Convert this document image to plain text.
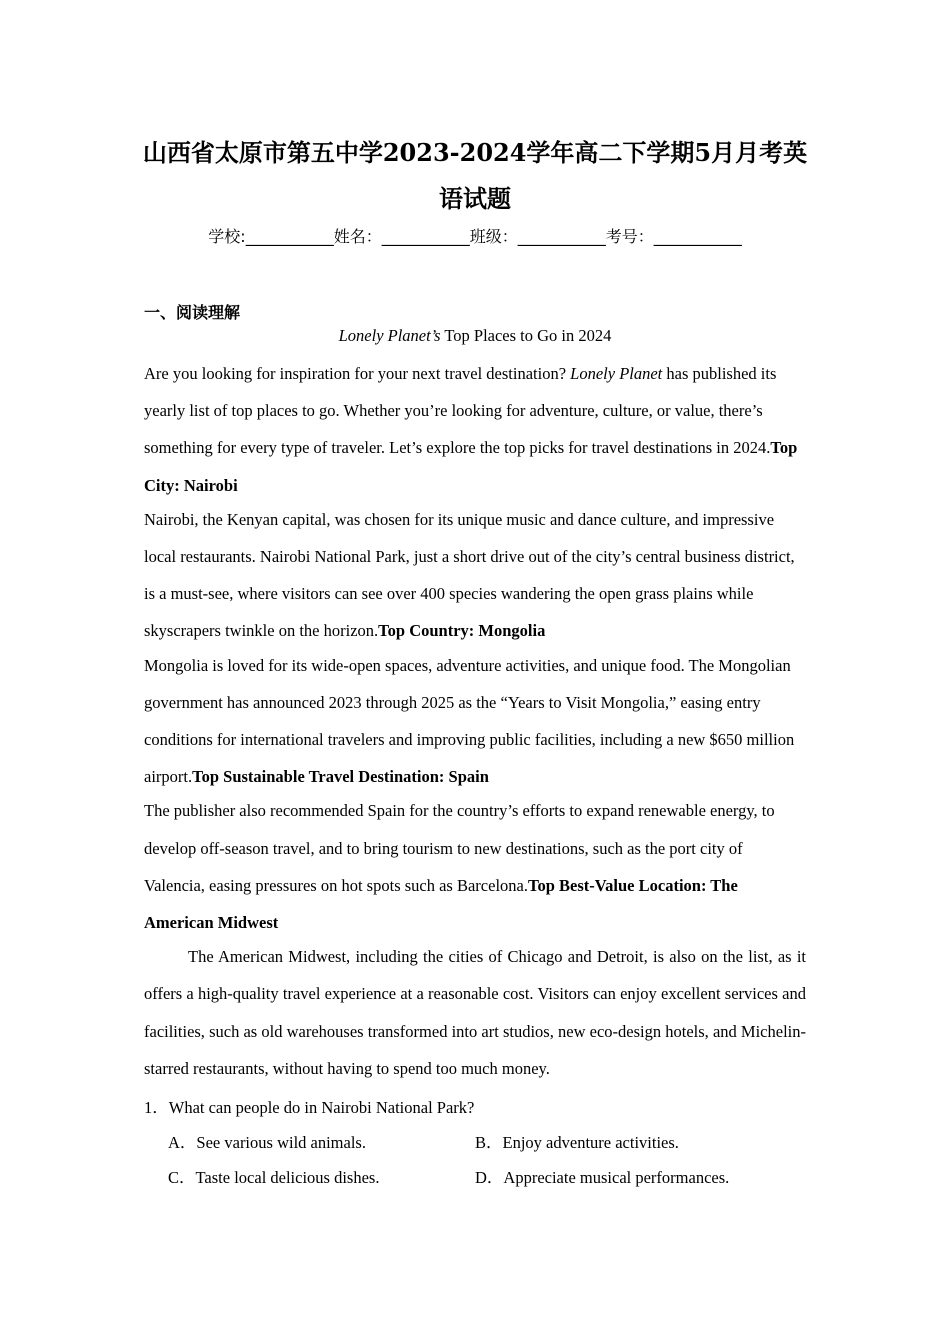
山西省太原市第五中学2023-2024学年高二下学期5月月考英
语试题
学校:___________姓名：___________班级：___________考号：___________
一、阅读理解
Lonely Planet’s Top Places to Go in 2024

Are you looking for inspiration for your next travel destination? Lonely Planet has published its yearly list of top places to go. Whether you’re looking for adventure, culture, or value, there’s something for every type of traveler. Let’s explore the top picks for travel destinations in 2024.Top City: Nairobi

Nairobi, the Kenyan capital, was chosen for its unique music and dance culture, and impressive local restaurants. Nairobi National Park, just a short drive out of the city’s central business district, is a must-see, where visitors can see over 400 species wandering the open grass plains while skyscrapers twinkle on the horizon.Top Country: Mongolia

Mongolia is loved for its wide-open spaces, adventure activities, and unique food. The Mongolian government has announced 2023 through 2025 as the “Years to Visit Mongolia,” easing entry conditions for international travelers and improving public facilities, including a new $650 million airport.Top Sustainable Travel Destination: Spain

The publisher also recommended Spain for the country’s efforts to expand renewable energy, to develop off-season travel, and to bring tourism to new destinations, such as the port city of Valencia, easing pressures on hot spots such as Barcelona.Top Best-Value Location: The American Midwest

The American Midwest, including the cities of Chicago and Detroit, is also on the list, as it offers a high-quality travel experience at a reasonable cost. Visitors can enjoy excellent services and facilities, such as old warehouses transformed into art studios, new eco-design hotels, and Michelin-starred restaurants, without having to spend too much money.

1．What can people do in Nairobi National Park?
A．See various wild animals.	B．Enjoy adventure activities.
C．Taste local delicious dishes.	D．Appreciate musical performances.
